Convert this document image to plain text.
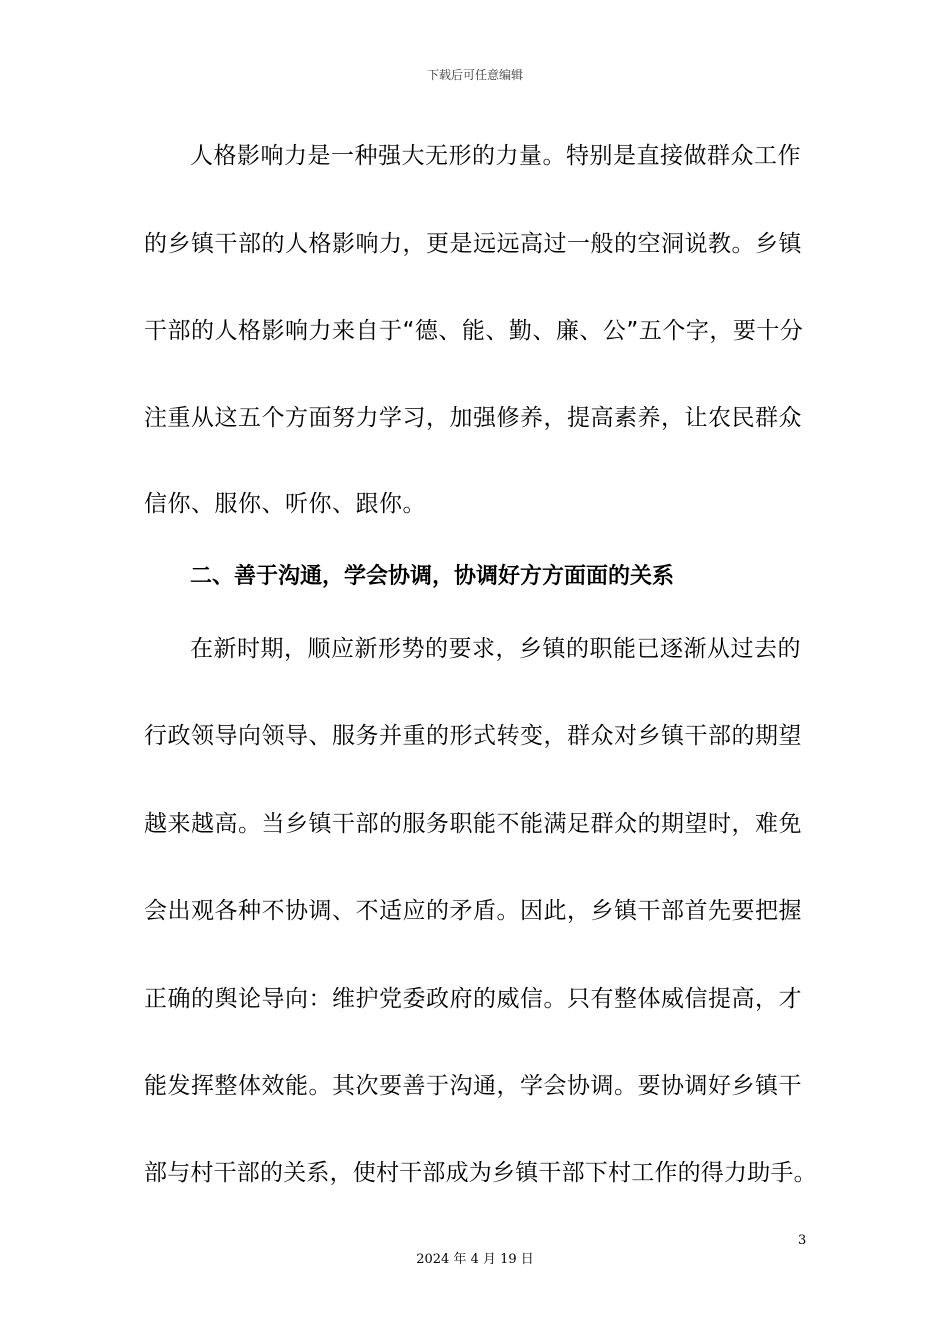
下载后可任意编辑
人格影响力是一种强大无形的力量。特别是直接做群众工作
的乡镇干部的人格影响力，更是远远高过一般的空洞说教。乡镇
干部的人格影响力来自于“德、能、勤、廉、公”五个字，要十分
注重从这五个方面努力学习，加强修养，提高素养，让农民群众
信你、服你、听你、跟你。
二、善于沟通，学会协调，协调好方方面面的关系
在新时期，顺应新形势的要求，乡镇的职能已逐渐从过去的
行政领导向领导、服务并重的形式转变，群众对乡镇干部的期望
越来越高。当乡镇干部的服务职能不能满足群众的期望时，难免
会出观各种不协调、不适应的矛盾。因此，乡镇干部首先要把握
正确的舆论导向：维护党委政府的威信。只有整体威信提高，才
能发挥整体效能。其次要善于沟通，学会协调。要协调好乡镇干
部与村干部的关系，使村干部成为乡镇干部下村工作的得力助手。
3
2024 年 4 月 19 日
